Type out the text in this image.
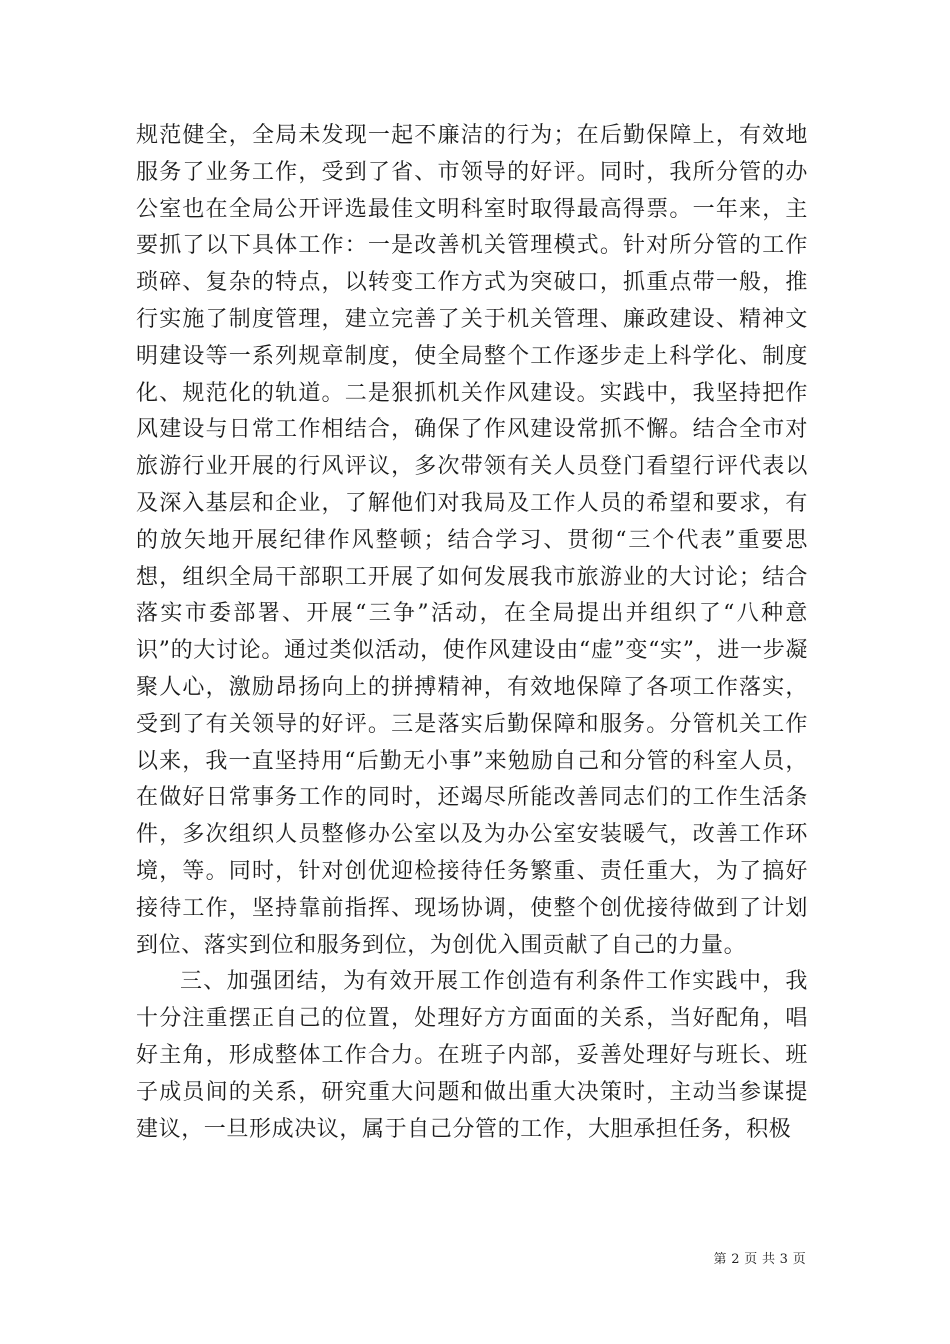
规范健全，全局未发现一起不廉洁的行为；在后勤保障上，有效地服务了业务工作，受到了省、市领导的好评。同时，我所分管的办公室也在全局公开评选最佳文明科室时取得最高得票。一年来，主要抓了以下具体工作：一是改善机关管理模式。针对所分管的工作琐碎、复杂的特点，以转变工作方式为突破口，抓重点带一般，推行实施了制度管理，建立完善了关于机关管理、廉政建设、精神文明建设等一系列规章制度，使全局整个工作逐步走上科学化、制度化、规范化的轨道。二是狠抓机关作风建设。实践中，我坚持把作风建设与日常工作相结合，确保了作风建设常抓不懈。结合全市对旅游行业开展的行风评议，多次带领有关人员登门看望行评代表以及深入基层和企业，了解他们对我局及工作人员的希望和要求，有的放矢地开展纪律作风整顿；结合学习、贯彻“三个代表”重要思想，组织全局干部职工开展了如何发展我市旅游业的大讨论；结合落实市委部署、开展“三争”活动，在全局提出并组织了“八种意识”的大讨论。通过类似活动，使作风建设由“虚”变“实”，进一步凝聚人心，激励昂扬向上的拼搏精神，有效地保障了各项工作落实，受到了有关领导的好评。三是落实后勤保障和服务。分管机关工作以来，我一直坚持用“后勤无小事”来勉励自己和分管的科室人员，在做好日常事务工作的同时，还竭尽所能改善同志们的工作生活条件，多次组织人员整修办公室以及为办公室安装暖气，改善工作环境，等。同时，针对创优迎检接待任务繁重、责任重大，为了搞好接待工作，坚持靠前指挥、现场协调，使整个创优接待做到了计划到位、落实到位和服务到位，为创优入围贡献了自己的力量。

三、加强团结，为有效开展工作创造有利条件工作实践中，我十分注重摆正自己的位置，处理好方方面面的关系，当好配角，唱好主角，形成整体工作合力。在班子内部，妥善处理好与班长、班子成员间的关系，研究重大问题和做出重大决策时，主动当参谋提建议，一旦形成决议，属于自己分管的工作，大胆承担任务，积极

第 2 页 共 3 页
